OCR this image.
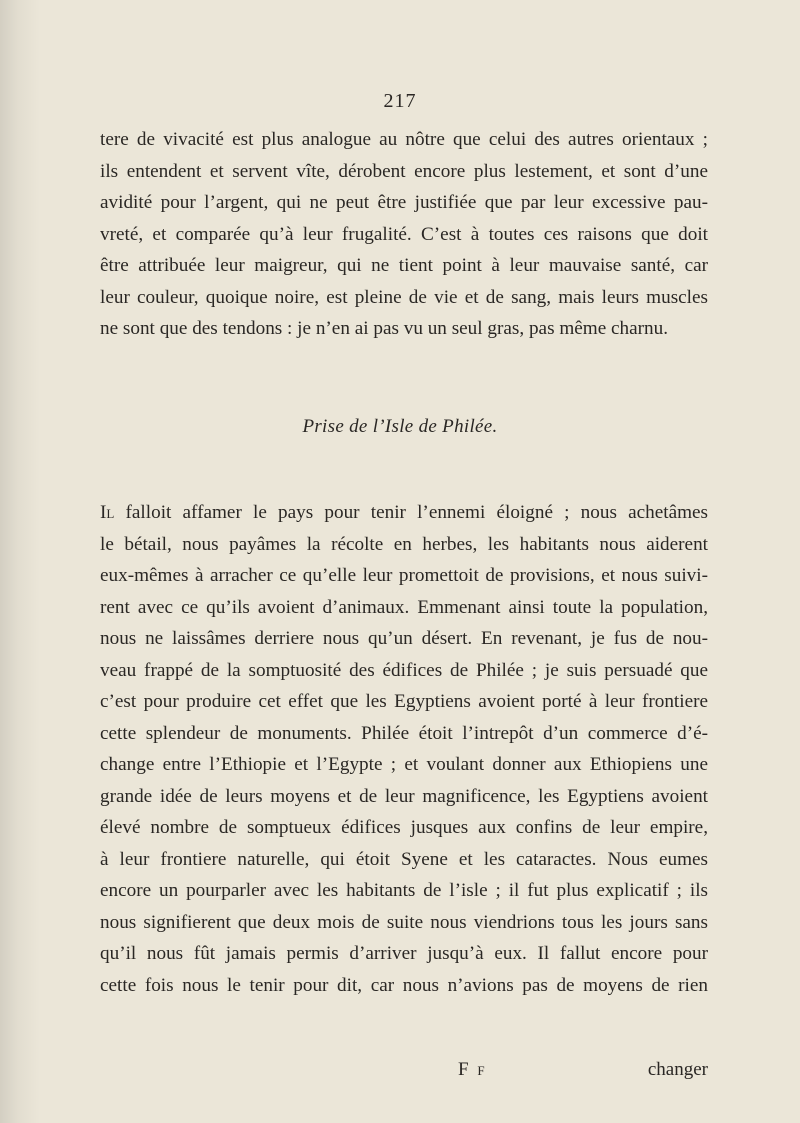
217
tere de vivacité est plus analogue au nôtre que celui des autres orientaux ;
ils entendent et servent vîte, dérobent encore plus lestement, et sont d’une
avidité pour l’argent, qui ne peut être justifiée que par leur excessive pau-
vreté, et comparée qu’à leur frugalité. C’est à toutes ces raisons que doit
être attribuée leur maigreur, qui ne tient point à leur mauvaise santé, car
leur couleur, quoique noire, est pleine de vie et de sang, mais leurs muscles
ne sont que des tendons : je n’en ai pas vu un seul gras, pas même charnu.
Prise de l’Isle de Philée.
Il falloit affamer le pays pour tenir l’ennemi éloigné ; nous achetâmes
le bétail, nous payâmes la récolte en herbes, les habitants nous aiderent
eux-mêmes à arracher ce qu’elle leur promettoit de provisions, et nous suivi-
rent avec ce qu’ils avoient d’animaux. Emmenant ainsi toute la population,
nous ne laissâmes derriere nous qu’un désert. En revenant, je fus de nou-
veau frappé de la somptuosité des édifices de Philée ; je suis persuadé que
c’est pour produire cet effet que les Egyptiens avoient porté à leur frontiere
cette splendeur de monuments. Philée étoit l’intrepôt d’un commerce d’é-
change entre l’Ethiopie et l’Egypte ; et voulant donner aux Ethiopiens une
grande idée de leurs moyens et de leur magnificence, les Egyptiens avoient
élevé nombre de somptueux édifices jusques aux confins de leur empire,
à leur frontiere naturelle, qui étoit Syene et les cataractes. Nous eumes
encore un pourparler avec les habitants de l’isle ; il fut plus explicatif ; ils
nous signifierent que deux mois de suite nous viendrions tous les jours sans
qu’il nous fût jamais permis d’arriver jusqu’à eux. Il fallut encore pour
cette fois nous le tenir pour dit, car nous n’avions pas de moyens de rien
F f	changer
